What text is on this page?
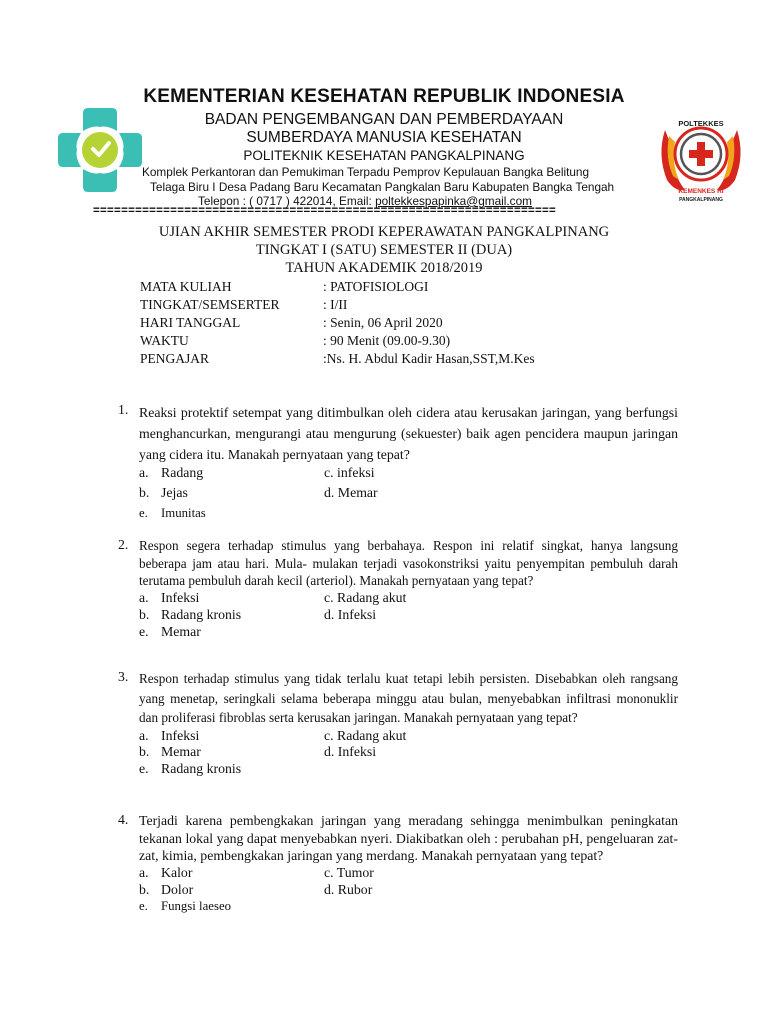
KEMENTERIAN KESEHATAN REPUBLIK INDONESIA
BADAN PENGEMBANGAN DAN PEMBERDAYAAN
SUMBERDAYA MANUSIA KESEHATAN
POLITEKNIK KESEHATAN PANGKALPINANG
Komplek Perkantoran dan Pemukiman Terpadu Pemprov Kepulauan Bangka Belitung
Telaga Biru I Desa Padang Baru Kecamatan Pangkalan Baru Kabupaten Bangka Tengah
Telepon : ( 0717 ) 422014, Email: poltekkespapinka@gmail.com
POLTEKKES
KEMENKES RI
PANGKALPINANG
==================================================================
UJIAN AKHIR SEMESTER PRODI KEPERAWATAN PANGKALPINANG
TINGKAT I (SATU) SEMESTER II (DUA)
TAHUN AKADEMIK 2018/2019
MATA KULIAH	: PATOFISIOLOGI
TINGKAT/SEMSERTER	: I/II
HARI TANGGAL	: Senin, 06 April 2020
WAKTU	: 90 Menit (09.00-9.30)
PENGAJAR	:Ns. H. Abdul Kadir Hasan,SST,M.Kes
1. Reaksi protektif setempat yang ditimbulkan oleh cidera atau kerusakan jaringan, yang berfungsi menghancurkan, mengurangi atau mengurung (sekuester) baik agen pencidera maupun jaringan yang cidera itu. Manakah pernyataan yang tepat?
a. Radang	c. infeksi
b. Jejas	d. Memar
e. Imunitas
2. Respon segera terhadap stimulus yang berbahaya. Respon ini relatif singkat, hanya langsung beberapa jam atau hari. Mula- mulakan terjadi vasokonstriksi yaitu penyempitan pembuluh darah terutama pembuluh darah kecil (arteriol). Manakah pernyataan yang tepat?
a. Infeksi	c. Radang akut
b. Radang kronis	d. Infeksi
e. Memar
3. Respon terhadap stimulus yang tidak terlalu kuat tetapi lebih persisten. Disebabkan oleh rangsang yang menetap, seringkali selama beberapa minggu atau bulan, menyebabkan infiltrasi mononuklir dan proliferasi fibroblas serta kerusakan jaringan. Manakah pernyataan yang tepat?
a. Infeksi	c. Radang akut
b. Memar	d. Infeksi
e. Radang kronis
4. Terjadi karena pembengkakan jaringan yang meradang sehingga menimbulkan peningkatan tekanan lokal yang dapat menyebabkan nyeri. Diakibatkan oleh : perubahan pH, pengeluaran zat-zat, kimia, pembengkakan jaringan yang merdang. Manakah pernyataan yang tepat?
a. Kalor	c. Tumor
b. Dolor	d. Rubor
e. Fungsi laeseo
